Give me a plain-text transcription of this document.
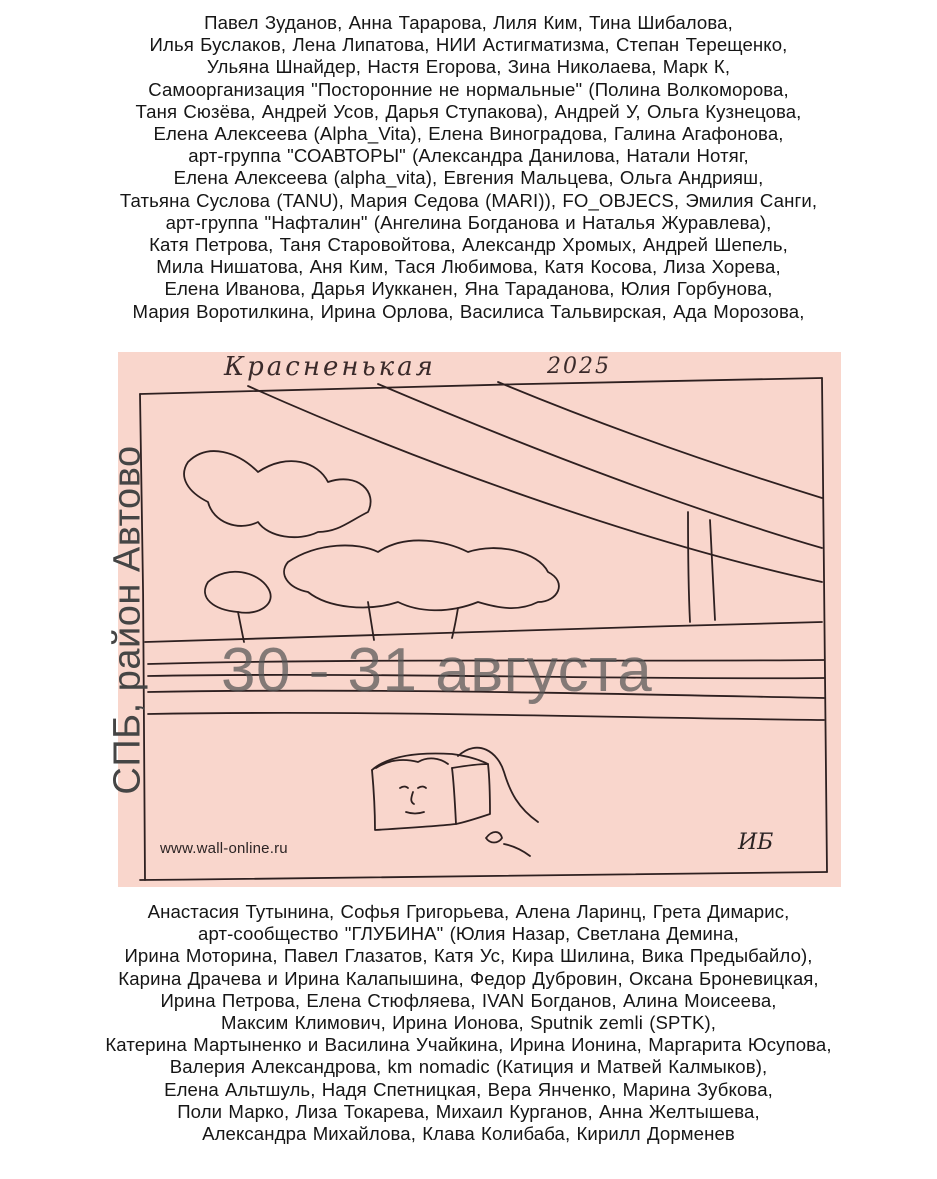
Павел Зуданов, Анна Тарарова, Лиля Ким, Тина Шибалова,
Илья Буслаков, Лена Липатова, НИИ Астигматизма, Степан Терещенко,
Ульяна Шнайдер, Настя Егорова, Зина Николаева, Марк К,
Самоорганизация "Посторонние не нормальные" (Полина Волкоморова,
Таня Сюзёва, Андрей Усов, Дарья Ступакова), Андрей У, Ольга Кузнецова,
Елена Алексеева (Alpha_Vita), Елена Виноградова, Галина Агафонова,
арт-группа "СОАВТОРЫ" (Александра Данилова, Натали Нотяг,
Елена Алексеева (alpha_vita), Евгения Мальцева, Ольга Андрияш,
Татьяна Суслова (TANU), Мария Седова (MARI)), FO_OBJECS, Эмилия Санги,
арт-группа "Нафталин" (Ангелина Богданова и Наталья Журавлева),
Катя Петрова, Таня Старовойтова, Александр Хромых, Андрей Шепель,
Мила Нишатова, Аня Ким, Тася Любимова, Катя Косова, Лиза Хорева,
Елена Иванова, Дарья Иукканен, Яна Тараданова, Юлия Горбунова,
Мария Воротилкина, Ирина Орлова, Василиса Тальвирская, Ада Морозова,
Красненькая	2025
www.wall-online.ru	ИБ
СПБ, район Автово 30 - 31 августа
Анастасия Тутынина, Софья Григорьева, Алена Ларинц, Грета Димарис,
арт-сообщество "ГЛУБИНА" (Юлия Назар, Светлана Демина,
Ирина Моторина, Павел Глазатов, Катя Ус, Кира Шилина, Вика Предыбайло),
Карина Драчева и Ирина Калапышина, Федор Дубровин, Оксана Броневицкая,
Ирина Петрова, Елена Стюфляева, IVAN Богданов, Алина Моисеева,
Максим Климович, Ирина Ионова, Sputnik zemli (SPTK),
Катерина Мартыненко и Василина Учайкина, Ирина Ионина, Маргарита Юсупова,
Валерия Александрова, km nomadic (Катиция и Матвей Калмыков),
Елена Альтшуль, Надя Спетницкая, Вера Янченко, Марина Зубкова,
Поли Марко, Лиза Токарева, Михаил Курганов, Анна Желтышева,
Александра Михайлова, Клава Колибаба, Кирилл Дорменев
